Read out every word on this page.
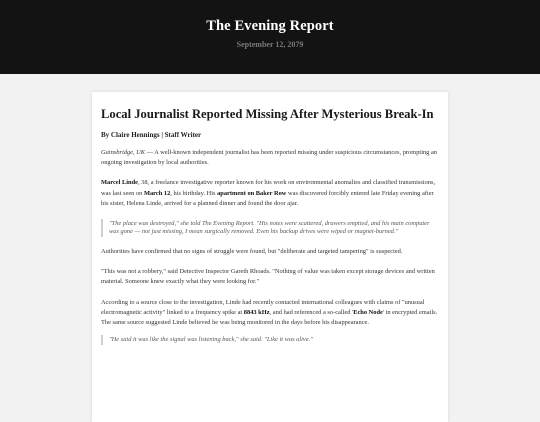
The Evening Report
September 12, 2079
Local Journalist Reported Missing After Mysterious Break-In
By Claire Hennings | Staff Writer

Gainsbridge, UK — A well-known independent journalist has been reported missing under suspicious circumstances, prompting an ongoing investigation by local authorities.

Marcel Linde, 38, a freelance investigative reporter known for his work on environmental anomalies and classified transmissions, was last seen on March 12, his birthday. His apartment on Baker Row was discovered forcibly entered late Friday evening after his sister, Helena Linde, arrived for a planned dinner and found the door ajar.

"The place was destroyed," she told The Evening Report. "His notes were scattered, drawers emptied, and his main computer was gone — not just missing, I mean surgically removed. Even his backup drives were wiped or magnet-burned."

Authorities have confirmed that no signs of struggle were found, but "deliberate and targeted tampering" is suspected.

"This was not a robbery," said Detective Inspector Gareth Rhoads. "Nothing of value was taken except storage devices and written material. Someone knew exactly what they were looking for."

According to a source close to the investigation, Linde had recently contacted international colleagues with claims of "unusual electromagnetic activity" linked to a frequency spike at 8843 kHz, and had referenced a so-called 'Echo Node' in encrypted emails. The same source suggested Linde believed he was being monitored in the days before his disappearance.

"He said it was like the signal was listening back," she said. "Like it was alive."
